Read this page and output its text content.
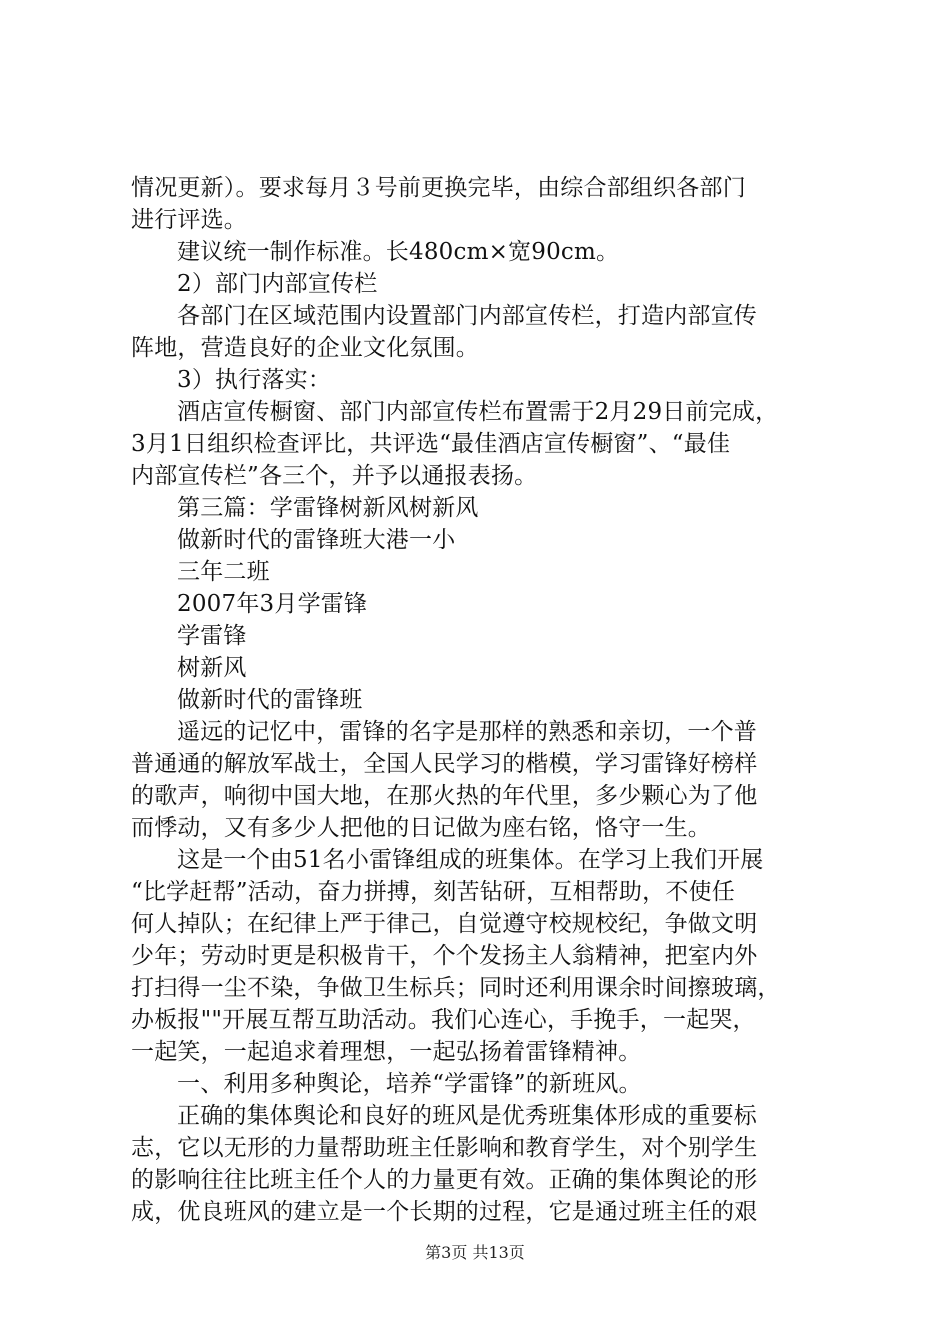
情况更新）。要求每月３号前更换完毕，由综合部组织各部门
进行评选。
建议统一制作标准。长480cm×宽90cm。
2）部门内部宣传栏
各部门在区域范围内设置部门内部宣传栏，打造内部宣传
阵地，营造良好的企业文化氛围。
3）执行落实：
酒店宣传橱窗、部门内部宣传栏布置需于2月29日前完成，
3月1日组织检查评比，共评选“最佳酒店宣传橱窗”、“最佳
内部宣传栏”各三个，并予以通报表扬。
第三篇：学雷锋树新风树新风
做新时代的雷锋班大港一小
三年二班
2007年3月学雷锋
学雷锋
树新风
做新时代的雷锋班
遥远的记忆中，雷锋的名字是那样的熟悉和亲切，一个普
普通通的解放军战士，全国人民学习的楷模，学习雷锋好榜样
的歌声，响彻中国大地，在那火热的年代里，多少颗心为了他
而悸动，又有多少人把他的日记做为座右铭，恪守一生。
这是一个由51名小雷锋组成的班集体。在学习上我们开展
“比学赶帮”活动，奋力拼搏，刻苦钻研，互相帮助，不使任
何人掉队；在纪律上严于律己，自觉遵守校规校纪，争做文明
少年；劳动时更是积极肯干，个个发扬主人翁精神，把室内外
打扫得一尘不染，争做卫生标兵；同时还利用课余时间擦玻璃，
办板报""开展互帮互助活动。我们心连心，手挽手，一起哭，
一起笑，一起追求着理想，一起弘扬着雷锋精神。
一、利用多种舆论，培养“学雷锋”的新班风。
正确的集体舆论和良好的班风是优秀班集体形成的重要标
志，它以无形的力量帮助班主任影响和教育学生，对个别学生
的影响往往比班主任个人的力量更有效。正确的集体舆论的形
成，优良班风的建立是一个长期的过程，它是通过班主任的艰
第3页 共13页
